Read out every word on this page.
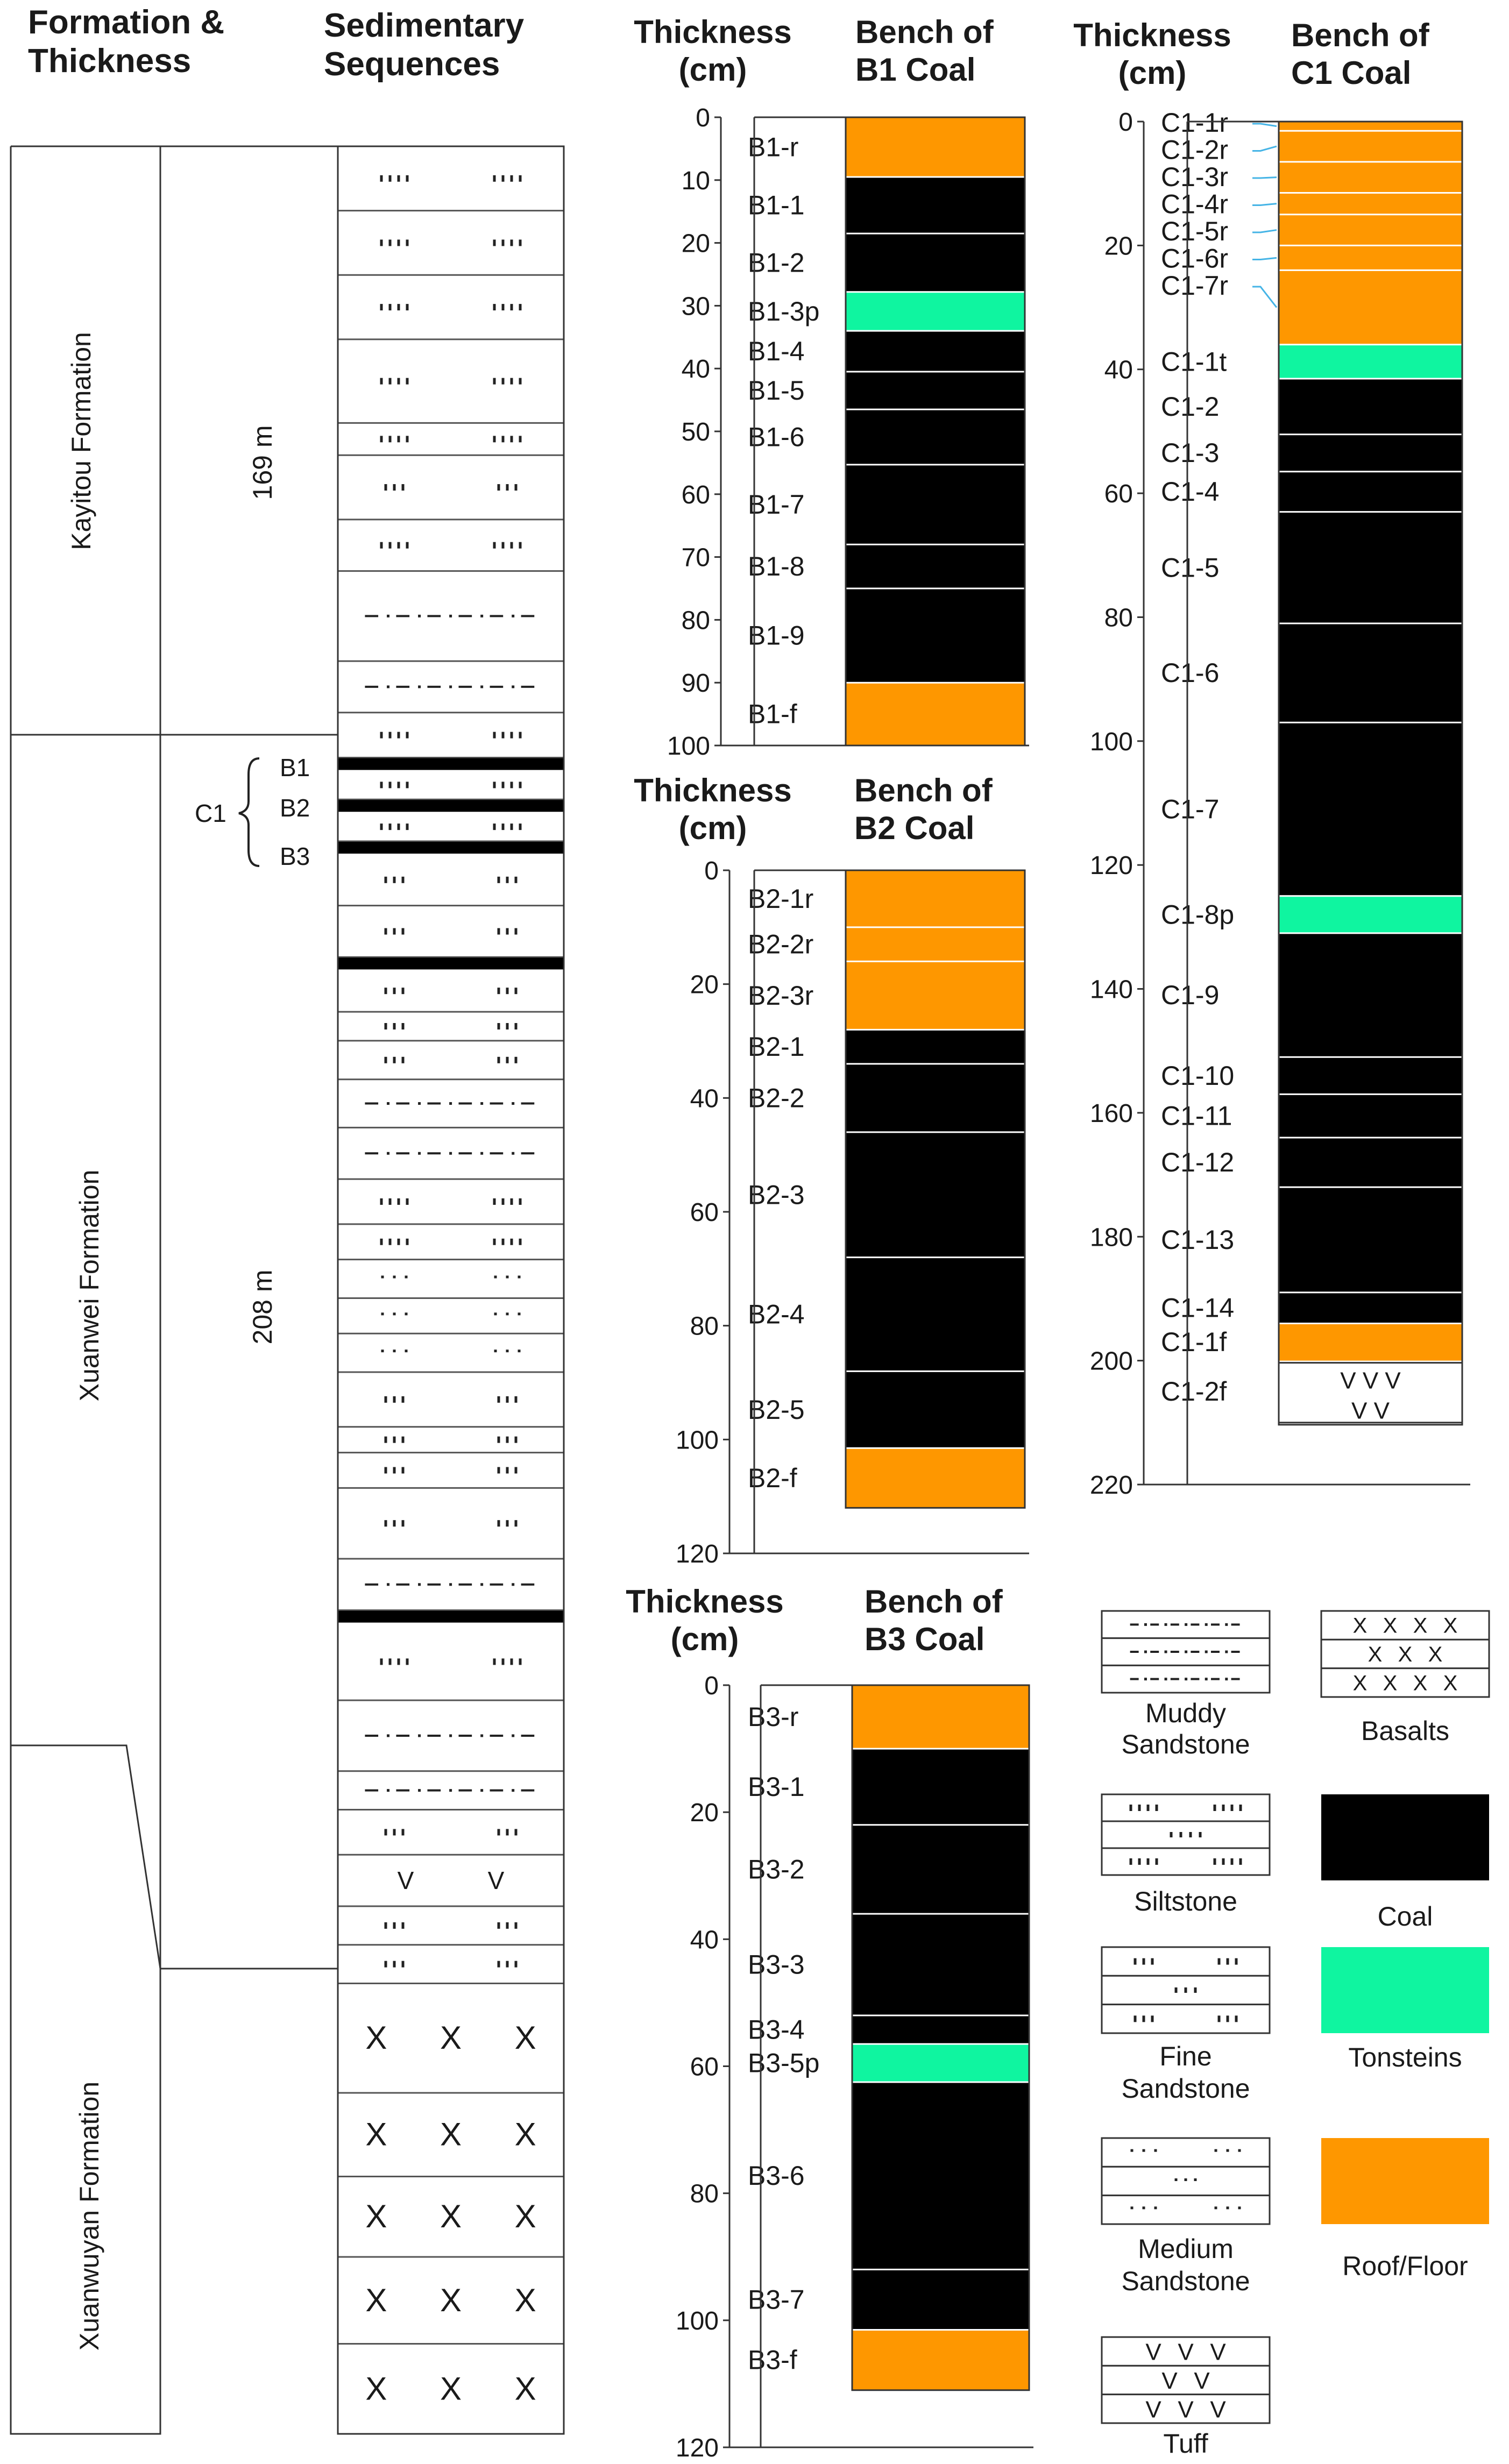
Formation &
Thickness
Sedimentary
Sequences
V	V
X X X
X X X
X X X
X X X
X X X
Kayitou Formation	169 m
Xuanwei Formation	208 m
Xuanwuyan Formation
B1
B2
B3
C1
Thickness
(cm)
Bench of
B1 Coal
0
10
20
30
40
50
60
70
80
90
100
B1-r
B1-1
B1-2
B1-3p
B1-4
B1-5
B1-6
B1-7
B1-8
B1-9
B1-f
Thickness
(cm)
Bench of
B2 Coal
0
20
40
60
80
100
120
B2-1r
B2-2r
B2-3r
B2-1
B2-2
B2-3
B2-4
B2-5
B2-f
Thickness
(cm)
Bench of
B3 Coal
0
20
40
60
80
100
120
B3-r
B3-1
B3-2
B3-3
B3-4
B3-5p
B3-6
B3-7
B3-f
Thickness
(cm)
Bench of
C1 Coal
0
20
40
60
80
100
120
140
160
180
200
220
C1-1r
C1-2r
C1-3r
C1-4r
C1-5r
C1-6r
C1-7r
C1-1t
C1-2
C1-3
C1-4
C1-5
C1-6
C1-7
C1-8p
C1-9
C1-10
C1-11
C1-12
C1-13
C1-14
C1-1f
V V V
V V
C1-2f
Muddy
Sandstone
X X X X
X X X
X X X X
Basalts
Siltstone	Coal
Fine
Sandstone
Tonsteins
Medium
Sandstone	Roof/Floor
V V V
V V
V V V
Tuff
